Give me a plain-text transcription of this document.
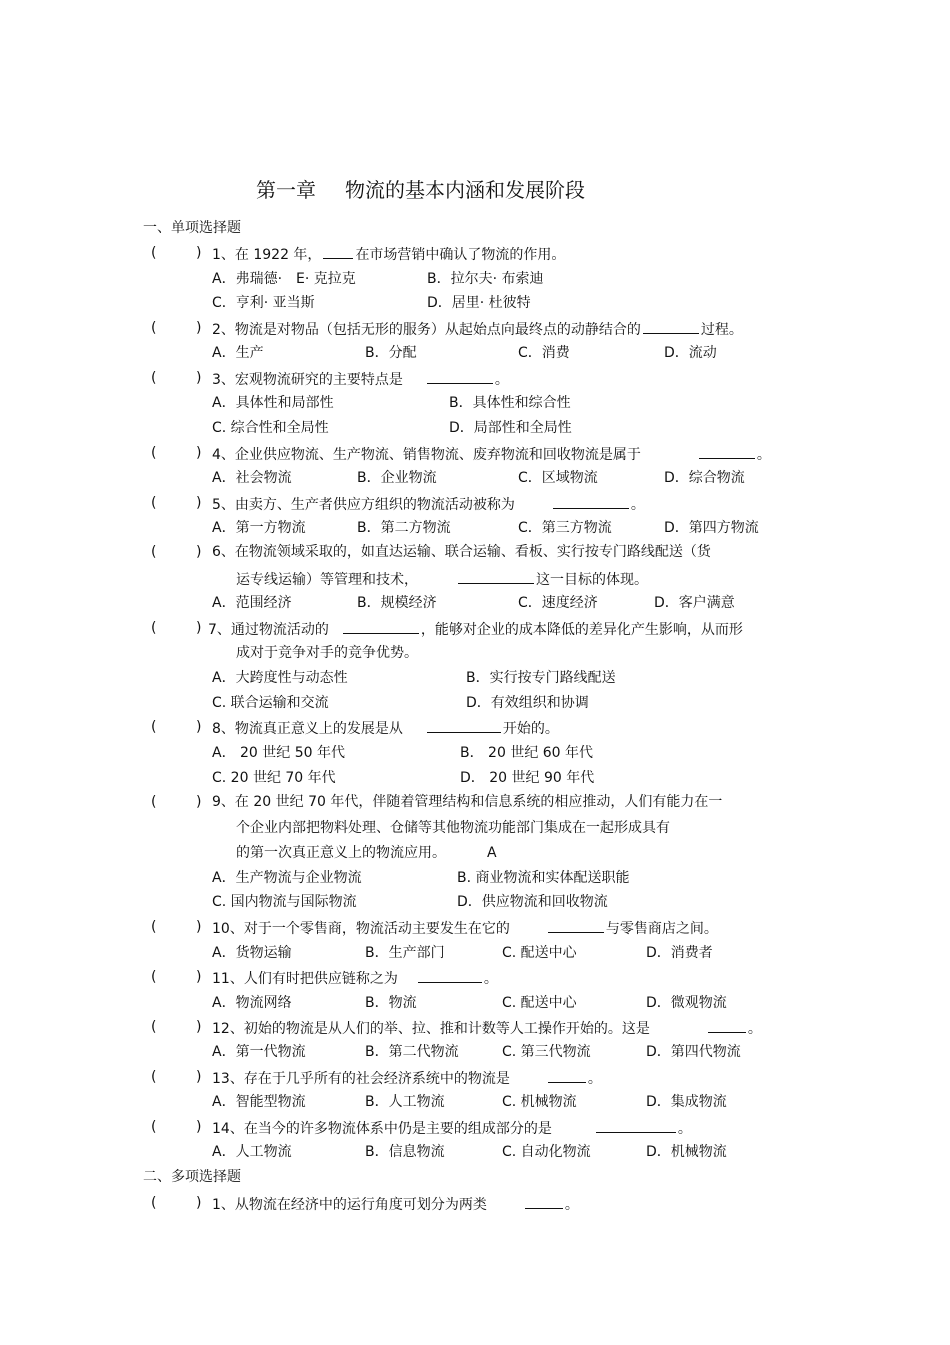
第一章 物流的基本内涵和发展阶段
一、单项选择题
(	) 1、在 1922 年， 在市场营销中确认了物流的作用。
A．弗瑞德·　E· 克拉克	B．拉尔夫· 布索迪
C．亨利· 亚当斯	D．居里· 杜彼特
(	) 2、物流是对物品（包括无形的服务）从起始点向最终点的动静结合的	过程。
A．生产	B．分配	C．消费	D．流动
(	) 3、宏观物流研究的主要特点是	。
A．具体性和局部性	B．具体性和综合性
C. 综合性和全局性	D．局部性和全局性
(	) 4、企业供应物流、生产物流、销售物流、废弃物流和回收物流是属于	。
A．社会物流	B．企业物流	C．区域物流	D．综合物流
(	) 5、由卖方、生产者供应方组织的物流活动被称为	。
A．第一方物流	B．第二方物流	C．第三方物流	D．第四方物流
(	) 6、在物流领域采取的，如直达运输、联合运输、看板、实行按专门路线配送（货
运专线运输）等管理和技术，	这一目标的体现。
A．范围经济	B．规模经济	C．速度经济	D．客户满意
(	) 7、通过物流活动的	，能够对企业的成本降低的差异化产生影响，从而形
成对于竞争对手的竞争优势。
A．大跨度性与动态性	B．实行按专门路线配送
C. 联合运输和交流	D．有效组织和协调
(	) 8、物流真正意义上的发展是从	开始的。
A． 20 世纪 50 年代	B． 20 世纪 60 年代
C. 20 世纪 70 年代	D． 20 世纪 90 年代
(	) 9、在 20 世纪 70 年代，伴随着管理结构和信息系统的相应推动，人们有能力在一
个企业内部把物料处理、仓储等其他物流功能部门集成在一起形成具有
的第一次真正意义上的物流应用。	A
A．生产物流与企业物流	B. 商业物流和实体配送职能
C. 国内物流与国际物流	D．供应物流和回收物流
(	) 10、对于一个零售商，物流活动主要发生在它的	与零售商店之间。
A．货物运输	B．生产部门	C. 配送中心	D．消费者
(	) 11、人们有时把供应链称之为	。
A．物流网络	B．物流	C. 配送中心	D．微观物流
(	) 12、初始的物流是从人们的举、拉、推和计数等人工操作开始的。这是	。
A．第一代物流	B．第二代物流	C. 第三代物流	D．第四代物流
(	) 13、存在于几乎所有的社会经济系统中的物流是	。
A．智能型物流	B．人工物流	C. 机械物流	D．集成物流
(	) 14、在当今的许多物流体系中仍是主要的组成部分的是	。
A．人工物流	B．信息物流	C. 自动化物流	D．机械物流
二、多项选择题
(	) 1、从物流在经济中的运行角度可划分为两类	。
